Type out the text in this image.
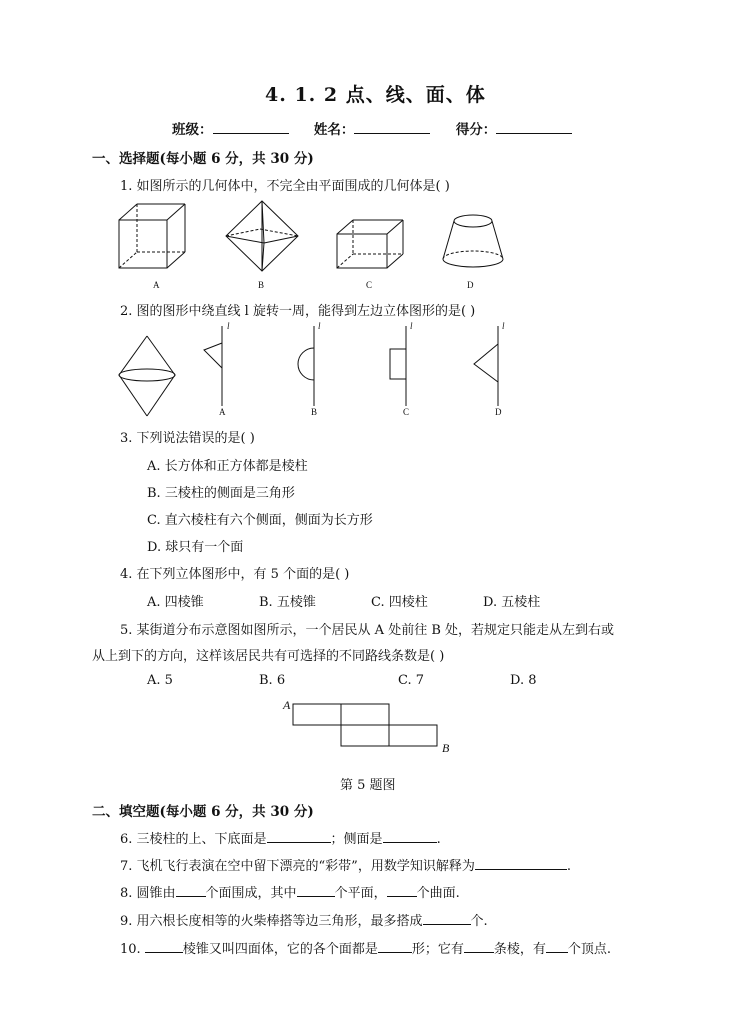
4. 1. 2 点、线、面、体
班级：	姓名：	得分：
一、选择题(每小题 6 分，共 30 分)
1. 如图所示的几何体中，不完全由平面围成的几何体是( )
A	B	C	D
2. 图的图形中绕直线 l 旋转一周，能得到左边立体图形的是( )
l
A
l
B
l
C
l
D
3. 下列说法错误的是( )
A. 长方体和正方体都是棱柱
B. 三棱柱的侧面是三角形
C. 直六棱柱有六个侧面，侧面为长方形
D. 球只有一个面
4. 在下列立体图形中，有 5 个面的是( )
A. 四棱锥	B. 五棱锥	C. 四棱柱	D. 五棱柱
5. 某街道分布示意图如图所示，一个居民从 A 处前往 B 处，若规定只能走从左到右或
从上到下的方向，这样该居民共有可选择的不同路线条数是( )
A. 5	B. 6	C. 7	D. 8
A
B
第 5 题图
二、填空题(每小题 6 分，共 30 分)
6. 三棱柱的上、下底面是	；侧面是	.
7. 飞机飞行表演在空中留下漂亮的“彩带”，用数学知识解释为	.
8. 圆锥由 个面围成，其中	个平面， 个曲面.
9. 用六根长度相等的火柴棒搭等边三角形，最多搭成	个.
10.	棱锥又叫四面体，它的各个面都是	形；它有 条棱，有 个顶点.
